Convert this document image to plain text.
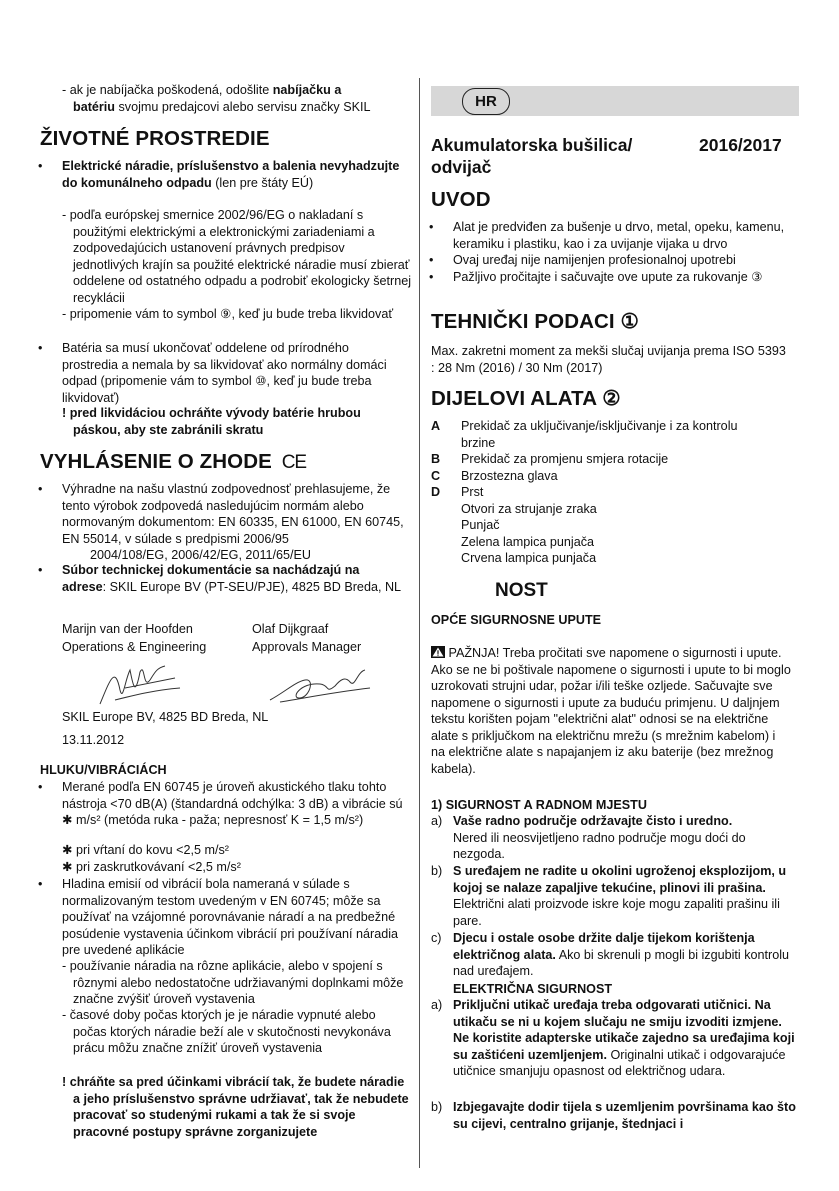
- ak je nabíjačka poškodená, odošlite nabíjačku a
batériu svojmu predajcovi alebo servisu značky SKIL
ŽIVOTNÉ PROSTREDIE
•	Elektrické náradie, príslušenstvo a balenia nevyhadzujte do komunálneho odpadu (len pre štáty EÚ)
- podľa európskej smernice 2002/96/EG o nakladaní s použitými elektrickými a elektronickými zariadeniami a zodpovedajúcich ustanovení právnych predpisov jednotlivých krajín sa použité elektrické náradie musí zbierať oddelene od ostatného odpadu a podrobiť ekologicky šetrnej recyklácii
- pripomenie vám to symbol ⑨, keď ju bude treba likvidovať
•	Batéria sa musí ukončovať oddelene od prírodného prostredia a nemala by sa likvidovať ako normálny domáci odpad (pripomenie vám to symbol ⑩, keď ju bude treba likvidovať)
! pred likvidáciou ochráňte vývody batérie hrubou páskou, aby ste zabránili skratu
VYHLÁSENIE O ZHODE CE
•	Výhradne na našu vlastnú zodpovednosť prehlasujeme, že tento výrobok zodpovedá nasledujúcim normám alebo normovaným dokumentom: EN 60335, EN 61000, EN 60745, EN 55014, v súlade s predpismi 2006/95
2004/108/EG, 2006/42/EG, 2011/65/EU
•	Súbor technickej dokumentácie sa nachádzajú na adrese: SKIL Europe BV (PT-SEU/PJE), 4825 BD Breda, NL
Marijn van der Hoofden
Operations & Engineering
Olaf Dijkgraaf
Approvals Manager
SKIL Europe BV, 4825 BD Breda, NL
13.11.2012
HLUKU/VIBRÁCIÁCH
•	Merané podľa EN 60745 je úroveň akustického tlaku tohto nástroja <70 dB(A) (štandardná odchýlka: 3 dB) a vibrácie sú ✱ m/s² (metóda ruka - paža; nepresnosť K = 1,5 m/s²)
✱ pri vŕtaní do kovu <2,5 m/s²
✱ pri zaskrutkovávaní <2,5 m/s²
•	Hladina emisií od vibrácií bola nameraná v súlade s normalizovaným testom uvedeným v EN 60745; môže sa používať na vzájomné porovnávanie náradí a na predbežné posúdenie vystavenia účinkom vibrácií pri používaní náradia pre uvedené aplikácie
- používanie náradia na rôzne aplikácie, alebo v spojení s rôznymi alebo nedostatočne udržiavanými doplnkami môže značne zvýšiť úroveň vystavenia
- časové doby počas ktorých je je náradie vypnuté alebo počas ktorých náradie beží ale v skutočnosti nevykonáva prácu môžu značne znížiť úroveň vystavenia
! chráňte sa pred účinkami vibrácií tak, že budete náradie a jeho príslušenstvo správne udržiavať, tak že nebudete pracovať so studenými rukami a tak že si svoje pracovné postupy správne zorganizujete
HR
Akumulatorska bušilica/ odvijač
2016/2017
UVOD
•	Alat je predviđen za bušenje u drvo, metal, opeku, kamenu, keramiku i plastiku, kao i za uvijanje vijaka u drvo
•	Ovaj uređaj nije namijenjen profesionalnoj upotrebi
•	Pažljivo pročitajte i sačuvajte ove upute za rukovanje ③
TEHNIČKI PODACI ①
Max. zakretni moment za mekši slučaj uvijanja prema ISO 5393 : 28 Nm (2016) / 30 Nm (2017)
DIJELOVI ALATA ②
A	Prekidač za uključivanje/isključivanje i za kontrolu brzine
B	Prekidač za promjenu smjera rotacije
C	Brzostezna glava
D	Prst
Otvori za strujanje zraka
Punjač
Zelena lampica punjača
Crvena lampica punjača
NOST
OPĆE SIGURNOSNE UPUTE
PAŽNJA! Treba pročitati sve napomene o sigurnosti i upute. Ako se ne bi poštivale napomene o sigurnosti i upute to bi moglo uzrokovati strujni udar, požar i/ili teške ozljede. Sačuvajte sve napomene o sigurnosti i upute za buduću primjenu. U daljnjem tekstu korišten pojam "električni alat" odnosi se na električne alate s priključkom na električnu mrežu (s mrežnim kabelom) i na električne alate s napajanjem iz aku baterije (bez mrežnog kabela).
1) SIGURNOST A RADNOM MJESTU
a) Vaše radno područje održavajte čisto i uredno.
Nered ili neosvijetljeno radno područje mogu doći do nezgoda.
b) S uređajem ne radite u okolini ugroženoj eksplozijom, u kojoj se nalaze zapaljive tekućine, plinovi ili prašina. Električni alati proizvode iskre koje mogu zapaliti prašinu ili pare.
c) Djecu i ostale osobe držite dalje tijekom korištenja električnog alata. Ako bi skrenuli p mogli bi izgubiti kontrolu nad uređajem.
ELEKTRIČNA SIGURNOST
a) Priključni utikač uređaja treba odgovarati utičnici. Na utikaču se ni u kojem slučaju ne smiju izvoditi izmjene. Ne koristite adapterske utikače zajedno sa uređajima koji su zaštićeni uzemljenjem. Originalni utikač i odgovarajuće utičnice smanjuju opasnost od električnog udara.
b) Izbjegavajte dodir tijela s uzemljenim površinama kao što su cijevi, centralno grijanje, štednjaci i
